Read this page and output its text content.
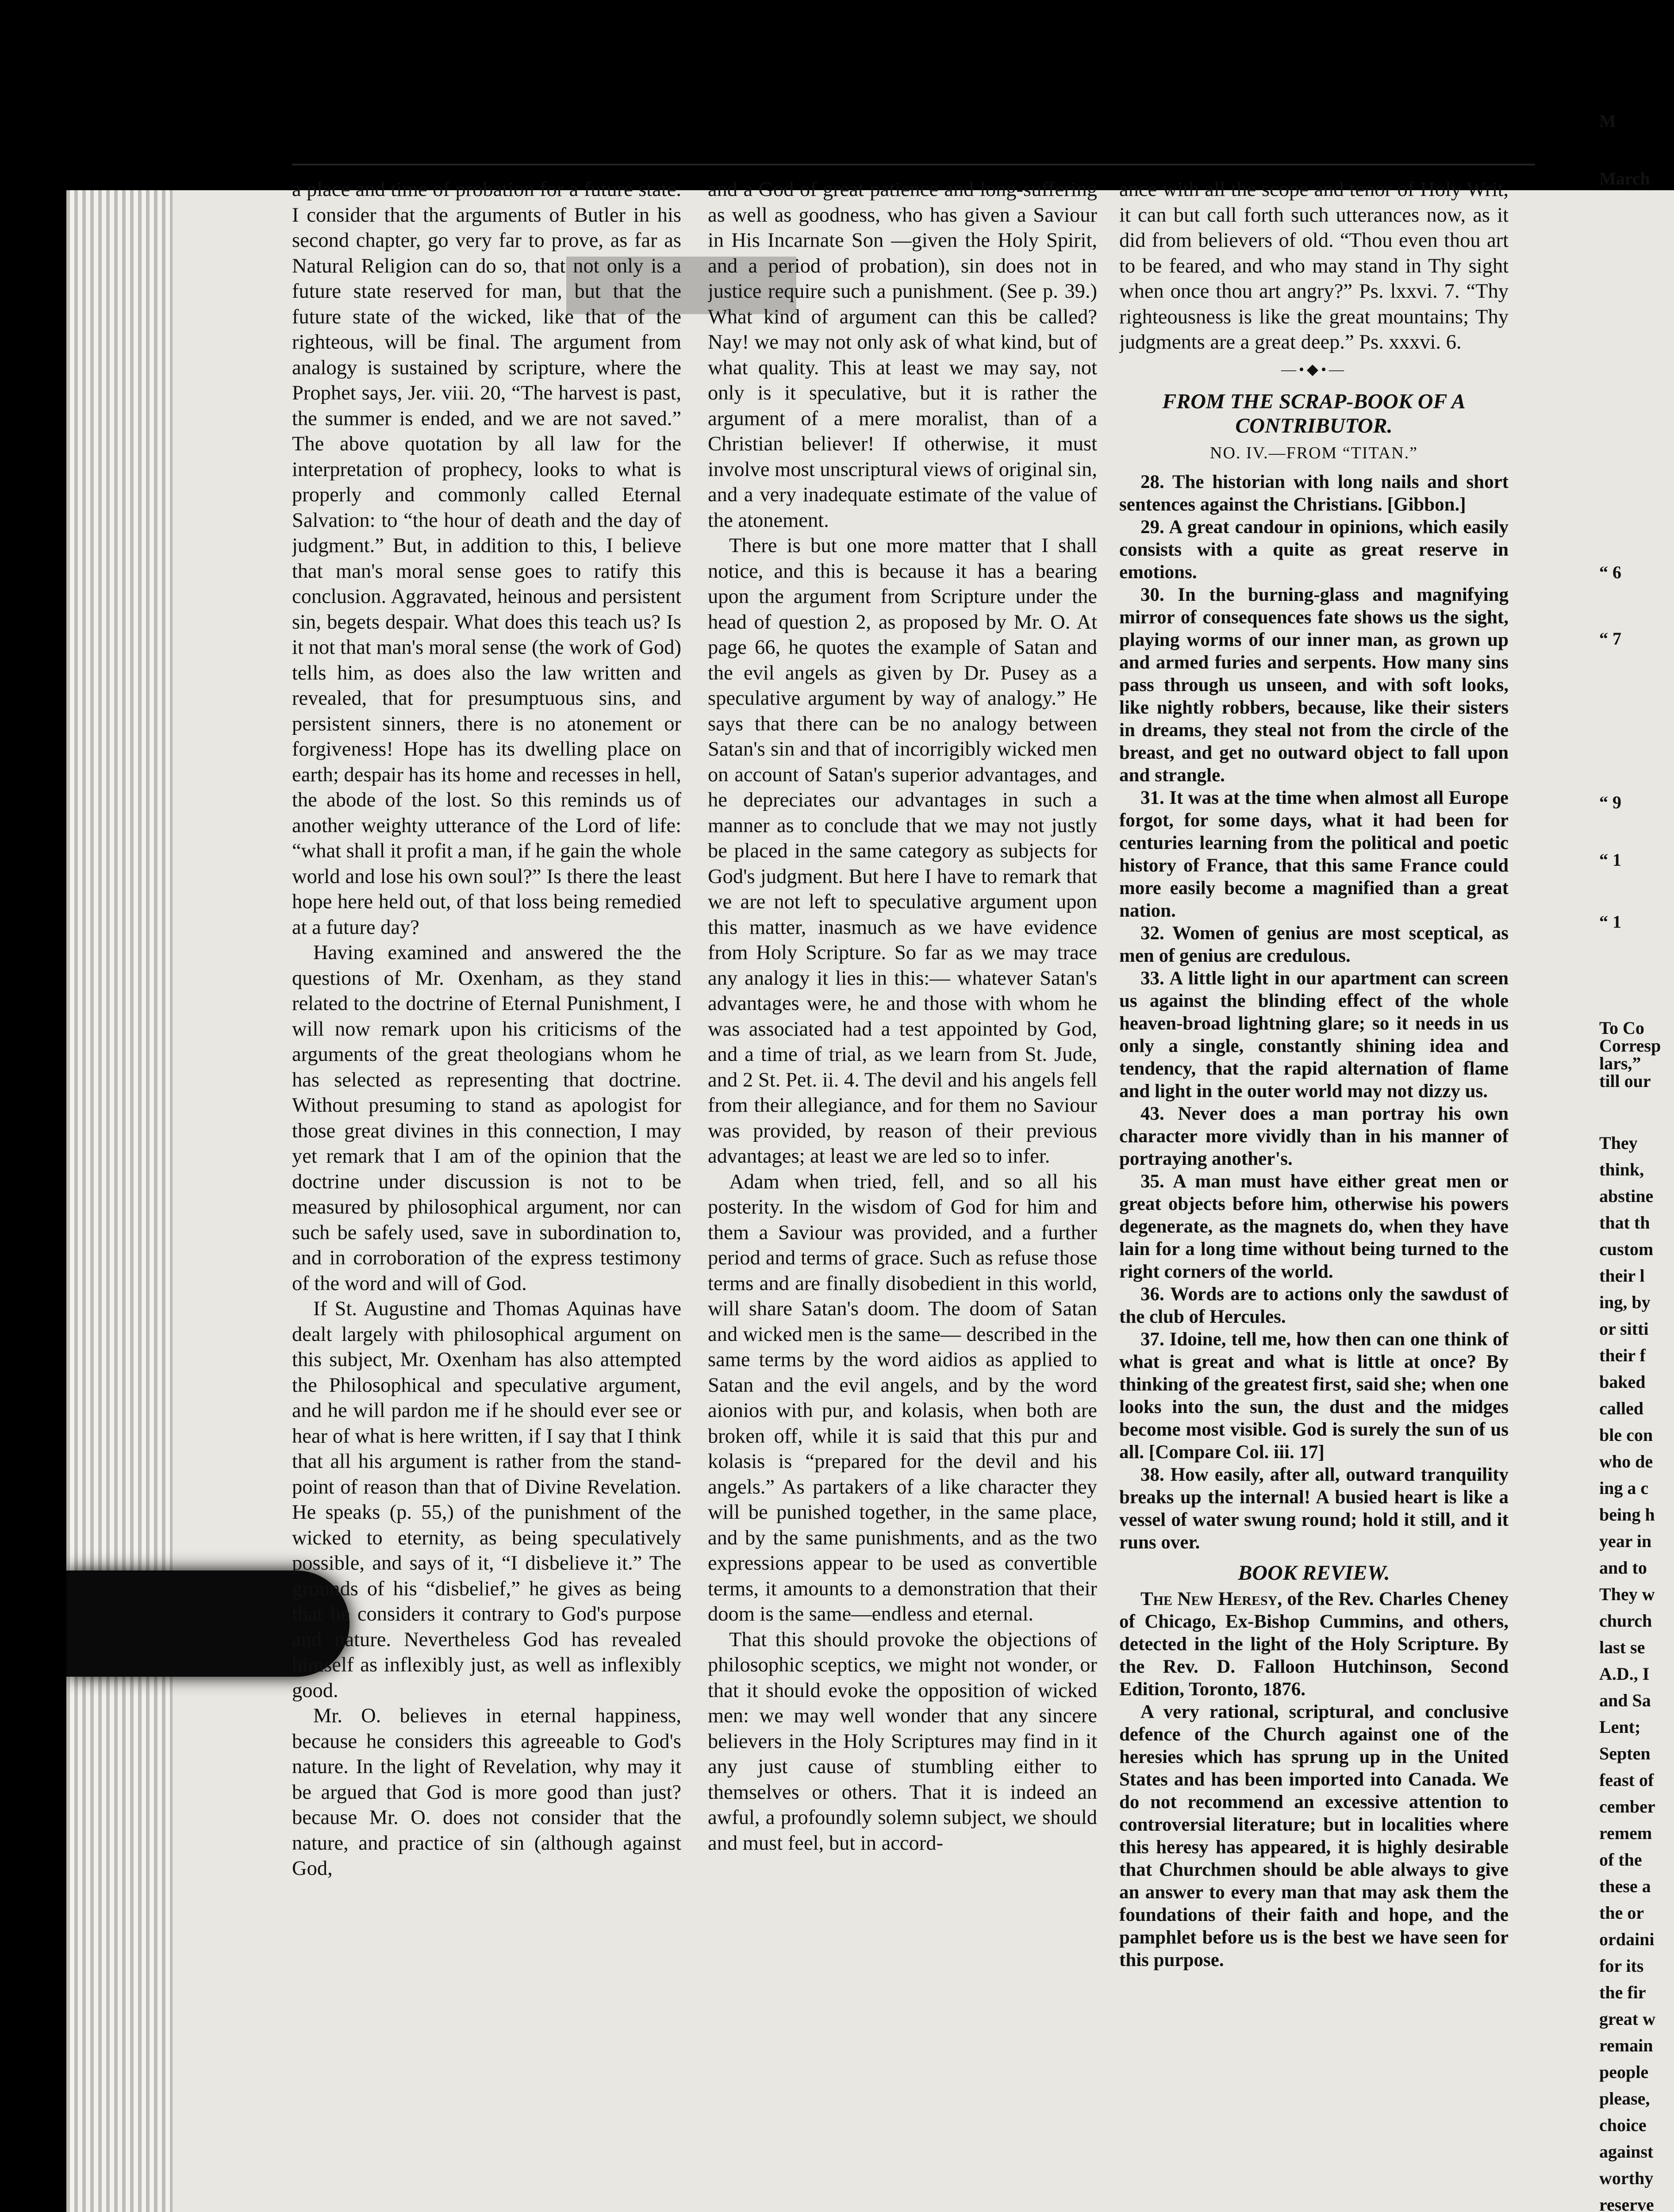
100	DOMINION CHURCHMAN.	[March 2nd, 1876.

a place and time of probation for a future state. I consider that the arguments of Butler in his second chapter, go very far to prove, as far as Natural Religion can do so, that not only is a future state reserved for man, but that the future state of the wicked, like that of the righteous, will be final. The argument from analogy is sustained by scripture, where the Prophet says, Jer. viii. 20, “The harvest is past, the summer is ended, and we are not saved.” The above quotation by all law for the interpretation of prophecy, looks to what is properly and commonly called Eternal Salvation: to “the hour of death and the day of judgment.” But, in addition to this, I believe that man's moral sense goes to ratify this conclusion. Aggravated, heinous and persistent sin, begets despair. What does this teach us? Is it not that man's moral sense (the work of God) tells him, as does also the law written and revealed, that for presumptuous sins, and persistent sinners, there is no atonement or forgiveness! Hope has its dwelling place on earth; despair has its home and recesses in hell, the abode of the lost. So this reminds us of another weighty utterance of the Lord of life: “what shall it profit a man, if he gain the whole world and lose his own soul?” Is there the least hope here held out, of that loss being remedied at a future day?

Having examined and answered the the questions of Mr. Oxenham, as they stand related to the doctrine of Eternal Punishment, I will now remark upon his criticisms of the arguments of the great theologians whom he has selected as representing that doctrine. Without presuming to stand as apologist for those great divines in this connection, I may yet remark that I am of the opinion that the doctrine under discussion is not to be measured by philosophical argument, nor can such be safely used, save in subordination to, and in corroboration of the express testimony of the word and will of God.

If St. Augustine and Thomas Aquinas have dealt largely with philosophical argument on this subject, Mr. Oxenham has also attempted the Philosophical and speculative argument, and he will pardon me if he should ever see or hear of what is here written, if I say that I think that all his argument is rather from the stand-point of reason than that of Divine Revelation. He speaks (p. 55,) of the punishment of the wicked to eternity, as being speculatively possible, and says of it, “I disbelieve it.” The grounds of his “disbelief,” he gives as being that he considers it contrary to God's purpose and nature. Nevertheless God has revealed himself as inflexibly just, as well as inflexibly good.

Mr. O. believes in eternal happiness, because he considers this agreeable to God's nature. In the light of Revelation, why may it be argued that God is more good than just? because Mr. O. does not consider that the nature, and practice of sin (although against God,

and a God of great patience and long-suffering as well as goodness, who has given a Saviour in His Incarnate Son —given the Holy Spirit, and a period of probation), sin does not in justice require such a punishment. (See p. 39.) What kind of argument can this be called? Nay! we may not only ask of what kind, but of what quality. This at least we may say, not only is it speculative, but it is rather the argument of a mere moralist, than of a Christian believer! If otherwise, it must involve most unscriptural views of original sin, and a very inadequate estimate of the value of the atonement.

There is but one more matter that I shall notice, and this is because it has a bearing upon the argument from Scripture under the head of question 2, as proposed by Mr. O. At page 66, he quotes the example of Satan and the evil angels as given by Dr. Pusey as a speculative argument by way of analogy.” He says that there can be no analogy between Satan's sin and that of incorrigibly wicked men on account of Satan's superior advantages, and he depreciates our advantages in such a manner as to conclude that we may not justly be placed in the same category as subjects for God's judgment. But here I have to remark that we are not left to speculative argument upon this matter, inasmuch as we have evidence from Holy Scripture. So far as we may trace any analogy it lies in this:— whatever Satan's advantages were, he and those with whom he was associated had a test appointed by God, and a time of trial, as we learn from St. Jude, and 2 St. Pet. ii. 4. The devil and his angels fell from their allegiance, and for them no Saviour was provided, by reason of their previous advantages; at least we are led so to infer.

Adam when tried, fell, and so all his posterity. In the wisdom of God for him and them a Saviour was provided, and a further period and terms of grace. Such as refuse those terms and are finally disobedient in this world, will share Satan's doom. The doom of Satan and wicked men is the same— described in the same terms by the word aidios as applied to Satan and the evil angels, and by the word aionios with pur, and kolasis, when both are broken off, while it is said that this pur and kolasis is “prepared for the devil and his angels.” As partakers of a like character they will be punished together, in the same place, and by the same punishments, and as the two expressions appear to be used as convertible terms, it amounts to a demonstration that their doom is the same—endless and eternal.

That this should provoke the objections of philosophic sceptics, we might not wonder, or that it should evoke the opposition of wicked men: we may well wonder that any sincere believers in the Holy Scriptures may find in it any just cause of stumbling either to themselves or others. That it is indeed an awful, a profoundly solemn subject, we should and must feel, but in accord-

ance with all the scope and tenor of Holy Writ, it can but call forth such utterances now, as it did from believers of old. “Thou even thou art to be feared, and who may stand in Thy sight when once thou art angry?” Ps. lxxvi. 7. “Thy righteousness is like the great mountains; Thy judgments are a great deep.” Ps. xxxvi. 6.

—•◆•—
FROM THE SCRAP-BOOK OF A CONTRIBUTOR.
NO. IV.—FROM “TITAN.”

28. The historian with long nails and short sentences against the Christians. [Gibbon.]

29. A great candour in opinions, which easily consists with a quite as great reserve in emotions.

30. In the burning-glass and magnifying mirror of consequences fate shows us the sight, playing worms of our inner man, as grown up and armed furies and serpents. How many sins pass through us unseen, and with soft looks, like nightly robbers, because, like their sisters in dreams, they steal not from the circle of the breast, and get no outward object to fall upon and strangle.

31. It was at the time when almost all Europe forgot, for some days, what it had been for centuries learning from the political and poetic history of France, that this same France could more easily become a magnified than a great nation.

32. Women of genius are most sceptical, as men of genius are credulous.

33. A little light in our apartment can screen us against the blinding effect of the whole heaven-broad lightning glare; so it needs in us only a single, constantly shining idea and tendency, that the rapid alternation of flame and light in the outer world may not dizzy us.

43. Never does a man portray his own character more vividly than in his manner of portraying another's.

35. A man must have either great men or great objects before him, otherwise his powers degenerate, as the magnets do, when they have lain for a long time without being turned to the right corners of the world.

36. Words are to actions only the sawdust of the club of Hercules.

37. Idoine, tell me, how then can one think of what is great and what is little at once? By thinking of the greatest first, said she; when one looks into the sun, the dust and the midges become most visible. God is surely the sun of us all. [Compare Col. iii. 17]

38. How easily, after all, outward tranquility breaks up the internal! A busied heart is like a vessel of water swung round; hold it still, and it runs over.

BOOK REVIEW.

The New Heresy, of the Rev. Charles Cheney of Chicago, Ex-Bishop Cummins, and others, detected in the light of the Holy Scripture. By the Rev. D. Falloon Hutchinson, Second Edition, Toronto, 1876.

A very rational, scriptural, and conclusive defence of the Church against one of the heresies which has sprung up in the United States and has been imported into Canada. We do not recommend an excessive attention to controversial literature; but in localities where this heresy has appeared, it is highly desirable that Churchmen should be able always to give an answer to every man that may ask them the foundations of their faith and hope, and the pamphlet before us is the best we have seen for this purpose.

M
March
“ 6
“ 7
“ 9
“ 1
“ 1
To Co
Corresp
lars,”
till our
They
think,
abstine
that th
custom
their l
ing, by
or sitti
their f
baked
called
ble con
who de
ing a c
being h
year in
and to
They w
church
last se
A.D., I
and Sa
Lent;
Septen
feast of
cember
remem
of the
these a
the or
ordaini
for its
the fir
great w
remain
people
please,
choice
against
worthy
reserve
